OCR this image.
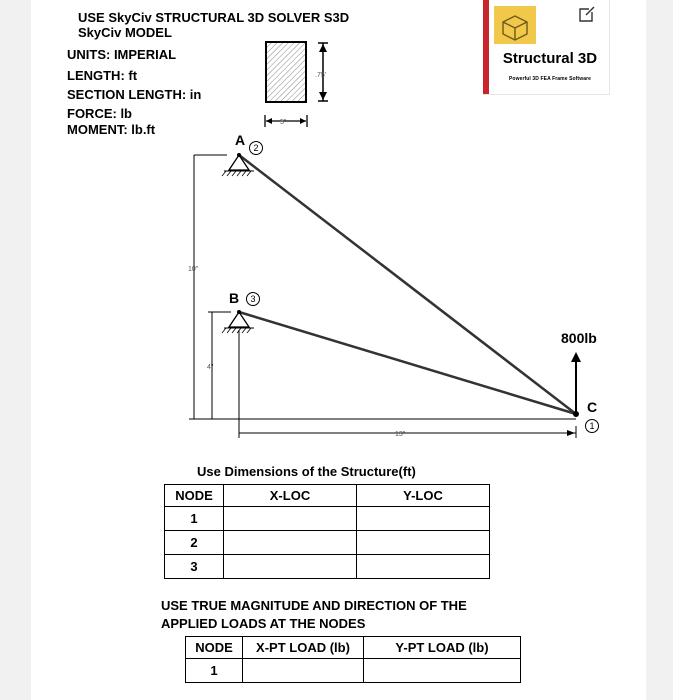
USE SkyCiv STRUCTURAL 3D SOLVER S3D
SkyCiv MODEL
UNITS: IMPERIAL
LENGTH: ft
SECTION LENGTH: in
FORCE: lb
MOMENT: lb.ft
Structural 3D
Powerful 3D FEA Frame Software
.75'
5"
10"
4"
13"
A 2
B	3
C
1
800lb
Use Dimensions of the Structure(ft)
NODE	X-LOC	Y-LOC
1		
2		
3		
USE TRUE MAGNITUDE AND DIRECTION OF THE
APPLIED LOADS AT THE NODES
NODE	X-PT LOAD (lb)	Y-PT LOAD (lb)
1		
